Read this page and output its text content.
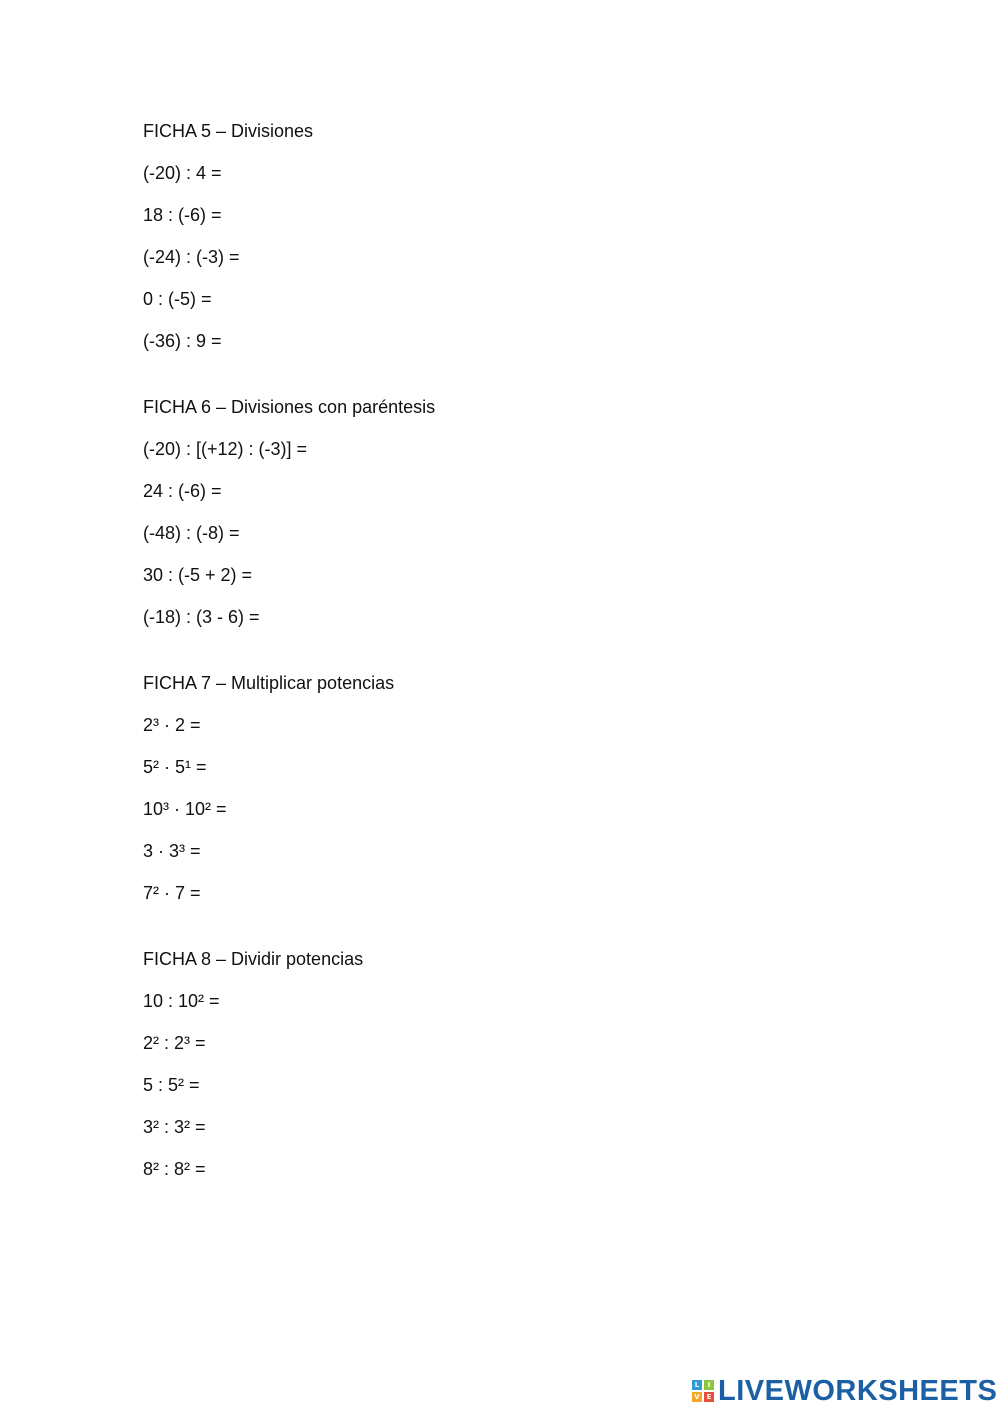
FICHA 5 – Divisiones
(-20) : 4 =
18 : (-6) =
(-24) : (-3) =
0 : (-5) =
(-36) : 9 =
FICHA 6 – Divisiones con paréntesis
(-20) : [(+12) : (-3)] =
24 : (-6) =
(-48) : (-8) =
30 : (-5 + 2) =
(-18) : (3 - 6) =
FICHA 7 – Multiplicar potencias
2³ · 2 =
5² · 5¹ =
10³ · 10² =
3 · 3³ =
7² · 7 =
FICHA 8 – Dividir potencias
10 : 10² =
2² : 2³ =
5 : 5² =
3² : 3² =
8² : 8² =
L	I
V E LIVEWORKSHEETS
